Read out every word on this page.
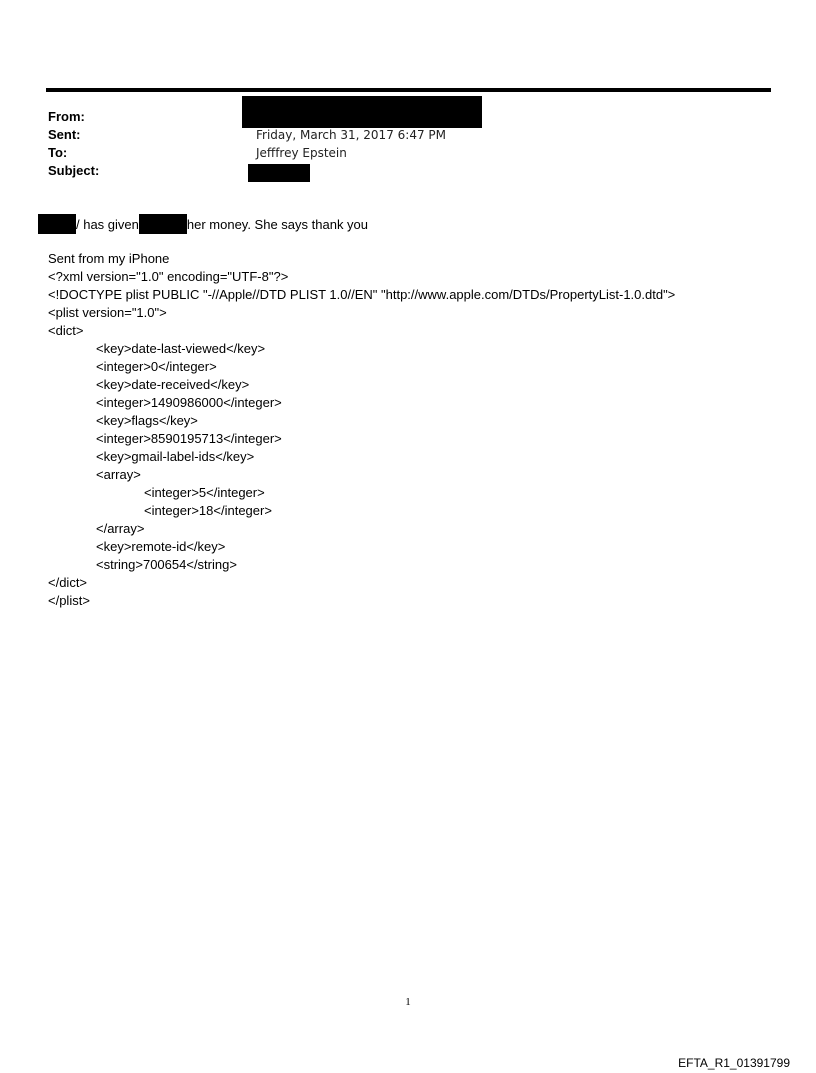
From:
Sent:	Friday, March 31, 2017 6:47 PM
To:	Jefffrey Epstein
Subject:
/ has given	her money. She says thank you
Sent from my iPhone
<?xml version="1.0" encoding="UTF-8"?>
<!DOCTYPE plist PUBLIC "-//Apple//DTD PLIST 1.0//EN" "http://www.apple.com/DTDs/PropertyList-1.0.dtd">
<plist version="1.0">
<dict>
<key>date-last-viewed</key>
<integer>0</integer>
<key>date-received</key>
<integer>1490986000</integer>
<key>flags</key>
<integer>8590195713</integer>
<key>gmail-label-ids</key>
<array>
<integer>5</integer>
<integer>18</integer>
</array>
<key>remote-id</key>
<string>700654</string>
</dict>
</plist>
1
EFTA_R1_01391799
